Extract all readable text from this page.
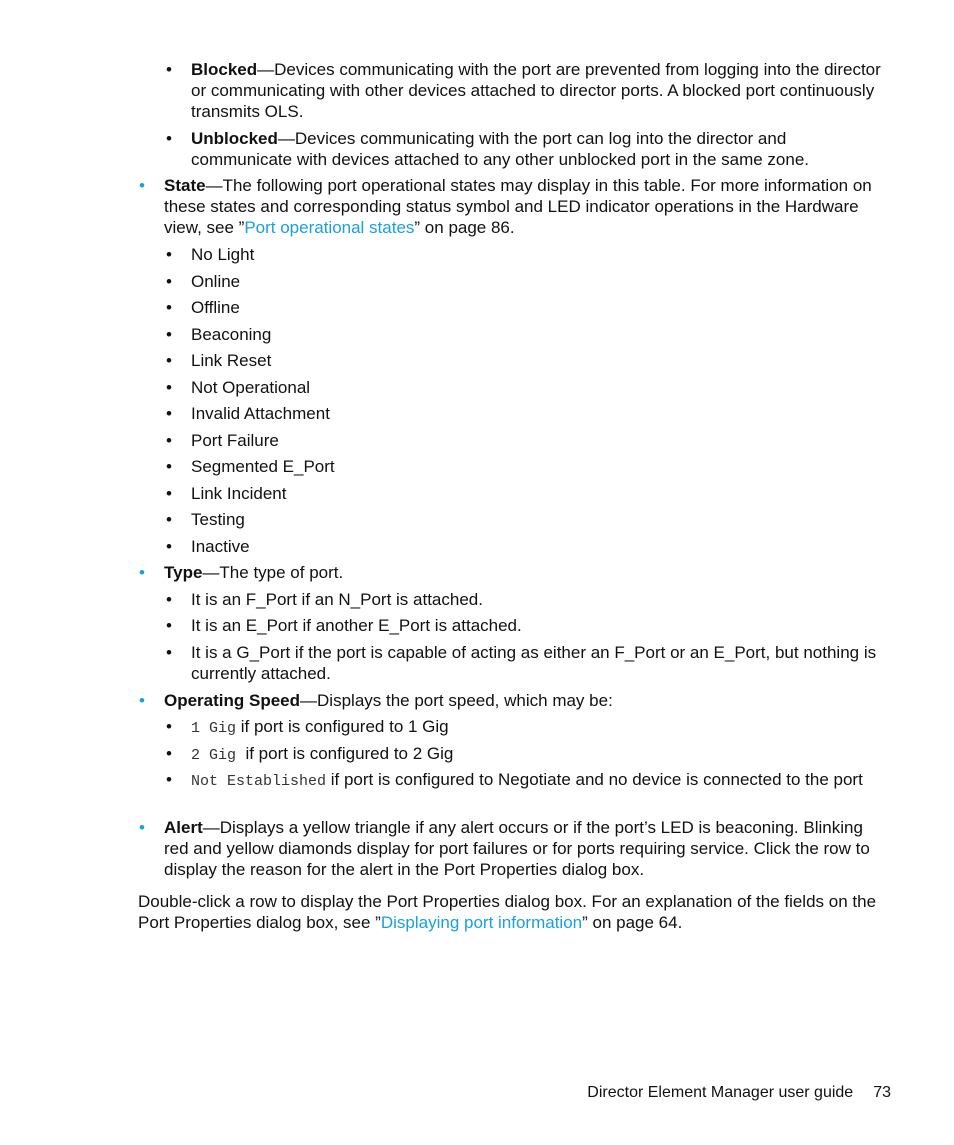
• Blocked—Devices communicating with the port are prevented from logging into the director or communicating with other devices attached to director ports. A blocked port continuously transmits OLS.

• Unblocked—Devices communicating with the port can log into the director and communicate with devices attached to any other unblocked port in the same zone.

• State—The following port operational states may display in this table. For more information on these states and corresponding status symbol and LED indicator operations in the Hardware view, see ”Port operational states” on page 86.

• No Light

• Online

• Offline

• Beaconing

• Link Reset

• Not Operational

• Invalid Attachment

• Port Failure

• Segmented E_Port

• Link Incident

• Testing

• Inactive

• Type—The type of port.

• It is an F_Port if an N_Port is attached.

• It is an E_Port if another E_Port is attached.

• It is a G_Port if the port is capable of acting as either an F_Port or an E_Port, but nothing is currently attached.

• Operating Speed—Displays the port speed, which may be:

• 1 Gig if port is configured to 1 Gig

• 2 Gig  if port is configured to 2 Gig

• Not Established if port is configured to Negotiate and no device is connected to the port

• Alert—Displays a yellow triangle if any alert occurs or if the port’s LED is beaconing. Blinking red and yellow diamonds display for port failures or for ports requiring service. Click the row to display the reason for the alert in the Port Properties dialog box.

Double-click a row to display the Port Properties dialog box. For an explanation of the fields on the Port Properties dialog box, see ”Displaying port information” on page 64.

Director Element Manager user guide 73
